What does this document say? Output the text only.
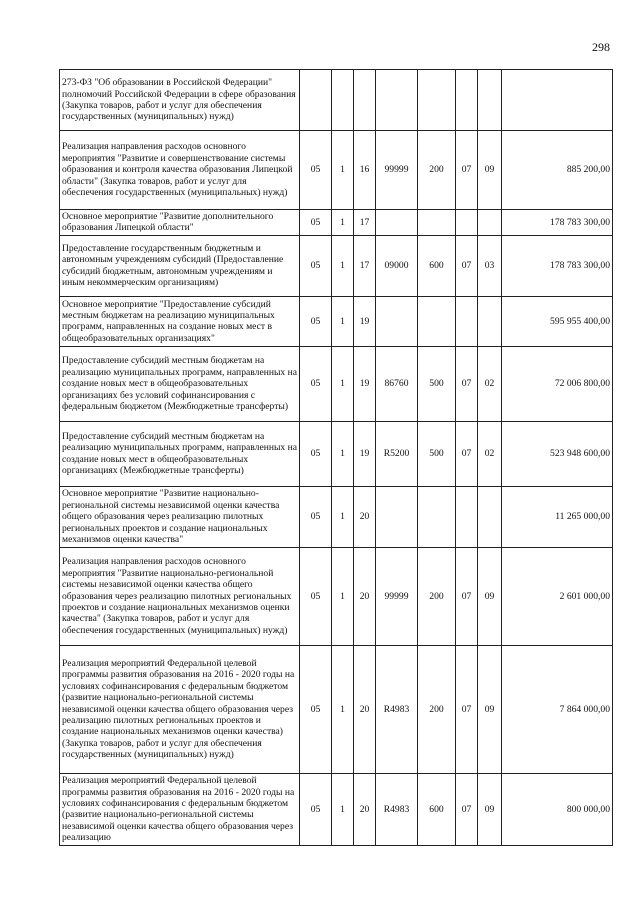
298
273-ФЗ "Об образовании в Российской Федерации" полномочий Российской Федерации в сфере образования (Закупка товаров, работ и услуг для обеспечения государственных (муниципальных) нужд)								
Реализация направления расходов основного мероприятия "Развитие и совершенствование системы образования и контроля качества образования Липецкой области" (Закупка товаров, работ и услуг для обеспечения государственных (муниципальных) нужд)	05	1	16	99999	200	07	09	885 200,00
Основное мероприятие "Развитие дополнительного образования Липецкой области"	05	1	17					178 783 300,00
Предоставление государственным бюджетным и автономным учреждениям субсидий (Предоставление субсидий бюджетным, автономным учреждениям и иным некоммерческим организациям)	05	1	17	09000	600	07	03	178 783 300,00
Основное мероприятие "Предоставление субсидий местным бюджетам на реализацию муниципальных программ, направленных на создание новых мест в общеобразовательных организациях"	05	1	19					595 955 400,00
Предоставление субсидий местным бюджетам на реализацию муниципальных программ, направленных на создание новых мест в общеобразовательных организациях без условий софинансирования с федеральным бюджетом (Межбюджетные трансферты)	05	1	19	86760	500	07	02	72 006 800,00
Предоставление субсидий местным бюджетам на реализацию муниципальных программ, направленных на создание новых мест в общеобразовательных организациях (Межбюджетные трансферты)	05	1	19	R5200	500	07	02	523 948 600,00
Основное мероприятие "Развитие национально-региональной системы независимой оценки качества общего образования через реализацию пилотных региональных проектов и создание национальных механизмов оценки качества"	05	1	20					11 265 000,00
Реализация направления расходов основного мероприятия "Развитие национально-региональной системы независимой оценки качества общего образования через реализацию пилотных региональных проектов и создание национальных механизмов оценки качества" (Закупка товаров, работ и услуг для обеспечения государственных (муниципальных) нужд)	05	1	20	99999	200	07	09	2 601 000,00
Реализация мероприятий Федеральной целевой программы развития образования на 2016 - 2020 годы на условиях софинансирования с федеральным бюджетом (развитие национально-региональной системы независимой оценки качества общего образования через реализацию пилотных региональных проектов и создание национальных механизмов оценки качества) (Закупка товаров, работ и услуг для обеспечения государственных (муниципальных) нужд)	05	1	20	R4983	200	07	09	7 864 000,00
Реализация мероприятий Федеральной целевой программы развития образования на 2016 - 2020 годы на условиях софинансирования с федеральным бюджетом (развитие национально-региональной системы независимой оценки качества общего образования через реализацию	05	1	20	R4983	600	07	09	800 000,00
